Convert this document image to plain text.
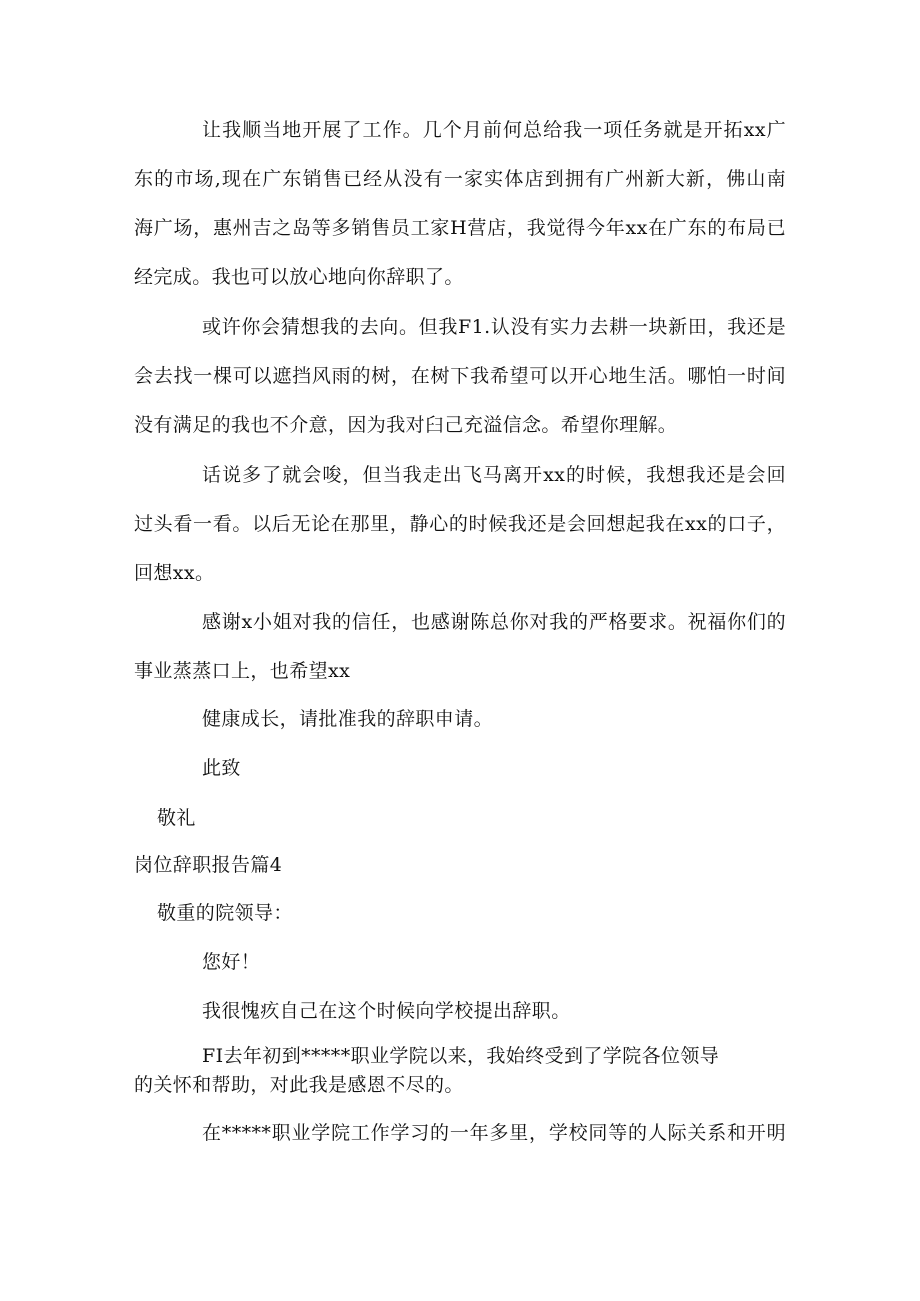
让我顺当地开展了工作。几个月前何总给我一项任务就是开拓xx广
东的市场,现在广东销售已经从没有一家实体店到拥有广州新大新，佛山南
海广场，惠州吉之岛等多销售员工家H营店，我觉得今年xx在广东的布局已
经完成。我也可以放心地向你辞职了。
或许你会猜想我的去向。但我F1.认没有实力去耕一块新田，我还是
会去找一棵可以遮挡风雨的树，在树下我希望可以开心地生活。哪怕一时间
没有满足的我也不介意，因为我对臼己充溢信念。希望你理解。
话说多了就会唆，但当我走出飞马离开xx的时候，我想我还是会回
过头看一看。以后无论在那里，静心的时候我还是会回想起我在xx的口子，
回想xx。
感谢x小姐对我的信任，也感谢陈总你对我的严格要求。祝福你们的
事业蒸蒸口上，也希望xx
健康成长，请批准我的辞职申请。
此致
敬礼
岗位辞职报告篇4
敬重的院领导：
您好！
我很愧疚自己在这个时候向学校提出辞职。
FI去年初到*****职业学院以来，我始终受到了学院各位领导
的关怀和帮助，对此我是感恩不尽的。
在*****职业学院工作学习的一年多里，学校同等的人际关系和开明
